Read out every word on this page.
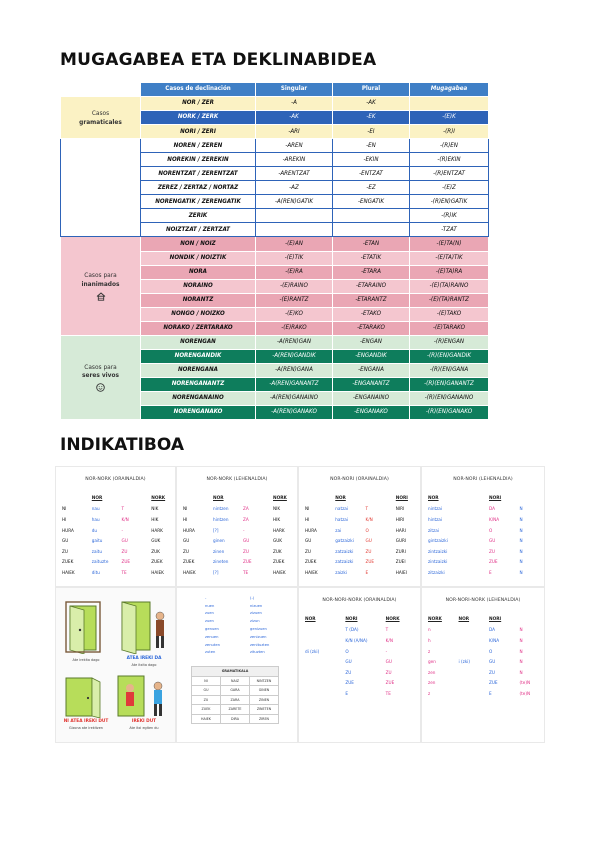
MUGAGABEA ETA DEKLINABIDEA
	Casos de declinación	Singular	Plural	Mugagabea
Casos
gramaticales	NOR / ZER	-A	-AK	
	NORK / ZERK	-AK	-EK	-(E)K
	NORI / ZERI	-ARI	-EI	-(R)I
	NOREN / ZEREN	-AREN	-EN	-(R)EN
	NOREKIN / ZEREKIN	-AREKIN	-EKIN	-(R)EKIN
	NORENTZAT / ZERENTZAT	-ARENTZAT	-ENTZAT	-(R)ENTZAT
	ZEREZ / ZERTAZ / NORTAZ	-AZ	-EZ	-(E)Z
	NORENGATIK / ZERENGATIK	-A(REN)GATIK	-ENGATIK	-(R)EN)GATIK
	ZERIK			-(R)IK
	NOIZTZAT / ZERTZAT			-TZAT
Casos para
inanimados	NON / NOIZ	-(E)AN	-ETAN	-(E)TA(N)
	NONDIK / NOIZTIK	-(E)TIK	-ETATIK	-(E)TA)TIK
	NORA	-(E)RA	-ETARA	-(E)TA)RA
	NORAINO	-(E)RAINO	-ETARAINO	-(E)(TA)RAINO
	NORANTZ	-(E)RANTZ	-ETARANTZ	-(E)(TA)RANTZ
	NONGO / NOIZKO	-(E)KO	-ETAKO	-(E)TAKO
	NORAKO / ZERTARAKO	-(E)RAKO	-ETARAKO	-(E)TARAKO
Casos para
seres vivos	NORENGAN	-A(REN)GAN	-ENGAN	-(R)ENGAN
	NORENGANDIK	-A(REN)GANDIK	-ENGANDIK	-(R)(EN)GANDIK
	NORENGANA	-A(REN)GANA	-ENGANA	-(R)(EN)GANA
	NORENGANANTZ	-A(REN)GANANTZ	-ENGANANTZ	-(R)(EN)GANANTZ
	NORENGANAINO	-A(REN)GANAINO	-ENGANAINO	-(R)(EN)GANAINO
	NORENGANAKO	-A(REN)GANAKO	-ENGANAKO	-(R)(EN)GANAKO
INDIKATIBOA
NOR-NORK (ORAINALDIA)
	NOR		NORK
NI	nau	T	NIK
HI	hau	K/N	HIK
HURA	du	-	HARK
GU	gaitu	GU	GUK
ZU	zaitu	ZU	ZUK
ZUEK	zaituzte	ZUE	ZUEK
HAIEK	ditu	TE	HAIEK
NOR-NORK (LEHENALDIA)
	NOR		NORK
NI	nintzen	ZA	NIK
HI	hintzen	ZA	HIK
HURA	[?]	-	HARK
GU	ginen	GU	GUK
ZU	zinen	ZU	ZUK
ZUEK	zineten	ZUE	ZUEK
HAIEK	[?]	TE	HAIEK
NOR-NORI (ORAINALDIA)
	NOR		NORI
NI	natzai	T	NIRI
HI	hatzai	K/N	HIRI
HURA	zai	O	HARI
GU	gatzaizki	GU	GURI
ZU	zatzaizki	ZU	ZURI
ZUEK	zatzaizki	ZUE	ZUEI
HAIEK	zaizki	E	HAIEI
NOR-NORI (LEHENALDIA)
NOR		NORI	
nintzai		DA	N
hintzai		K/NA	N
zitzai		O	N
gintzaizki		GU	N
zintzaizki		ZU	N
zintzaizki		ZUE	N
zitzaizki		E	N
Ate irekita dago	ATEA IREKI DA
Ate itxita dago
NI ATEA IREKI DUT
Gizona ate irekitzen
IREKI DUT
Ate itxi egiten du
-	(-)
nuen	nizuen
zuen	zizuen
zuen	zizun
genuen	genizuen
zenuen	zenizuen
zenuten	zenituzten
zuten	zituzten
GRAMATIKALA		
NI	NAIZ	NINTZEN
GU	GARA	GINEN
ZU	ZARA	ZINEN
ZUEK	ZARETE	ZINETEN
HAIEK	DIRA	ZIREN
NOR-NORI-NORK (ORAINALDIA)
NOR	NORI	NORK
	T (DA)	T
	K/N (A/NA)	K/N
di (zki)	O	-
	GU	GU
	ZU	ZU
	ZUE	ZUE
	E	TE
NOR-NORI-NORK (LEHENALDIA)
NORK	NOR	NORI	
n		DA	N
h		K/NA	N
z		O	N
gen	i (zki)	GU	N
zen		ZU	N
zen		ZUE	(te)N
z		E	(te)N
